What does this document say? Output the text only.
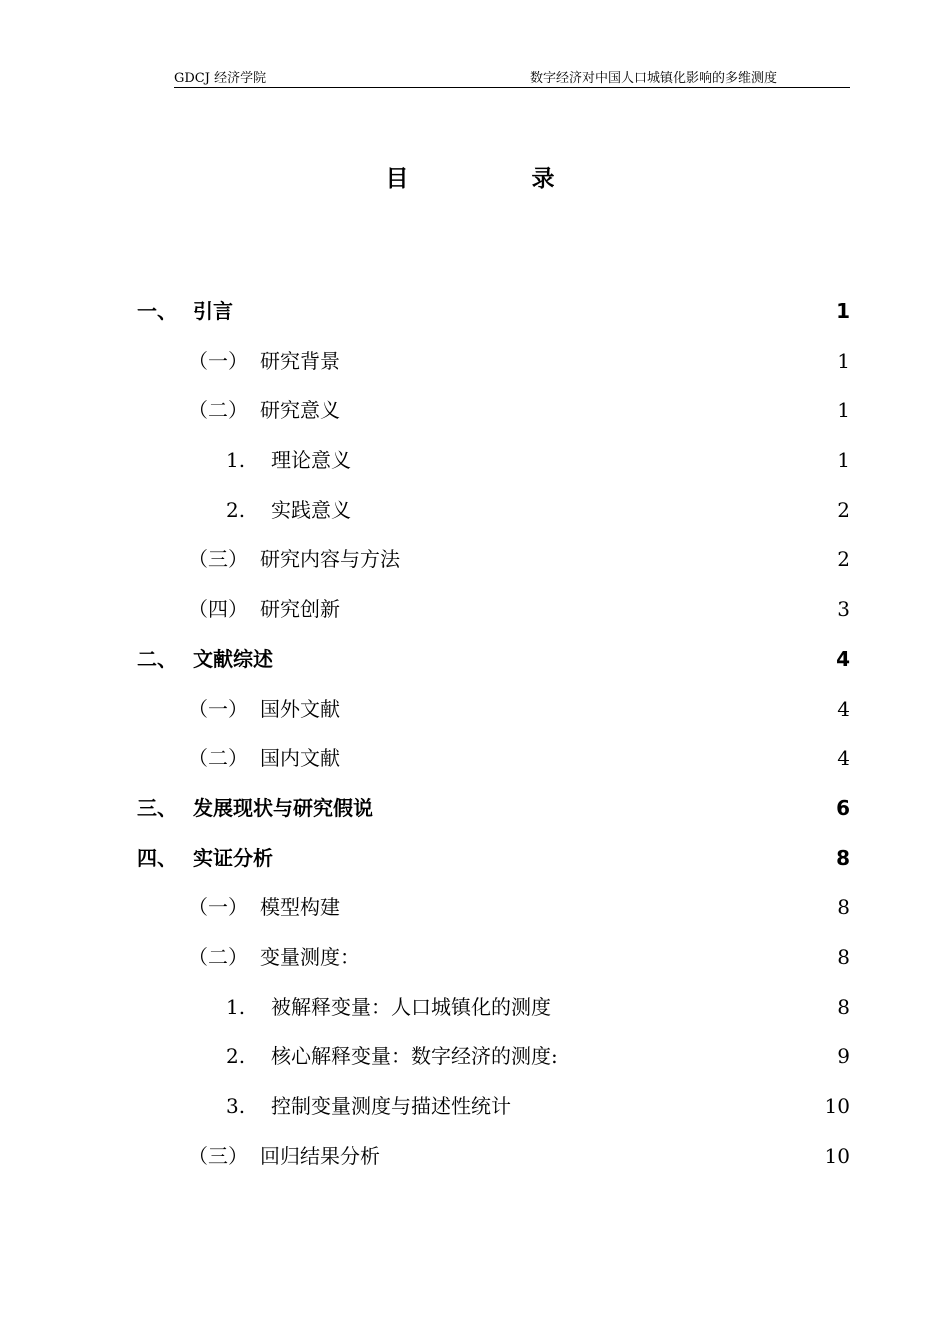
GDCJ 经济学院	数字经济对中国人口城镇化影响的多维测度
目　录
一、 引言	1
（一） 研究背景	1
（二） 研究意义	1
1. 理论意义	1
2. 实践意义	2
（三） 研究内容与方法	2
（四） 研究创新	3
二、 文献综述	4
（一） 国外文献	4
（二） 国内文献	4
三、 发展现状与研究假说	6
四、 实证分析	8
（一） 模型构建	8
（二） 变量测度：	8
1. 被解释变量：人口城镇化的测度	8
2. 核心解释变量：数字经济的测度:	9
3. 控制变量测度与描述性统计	10
（三） 回归结果分析	10
